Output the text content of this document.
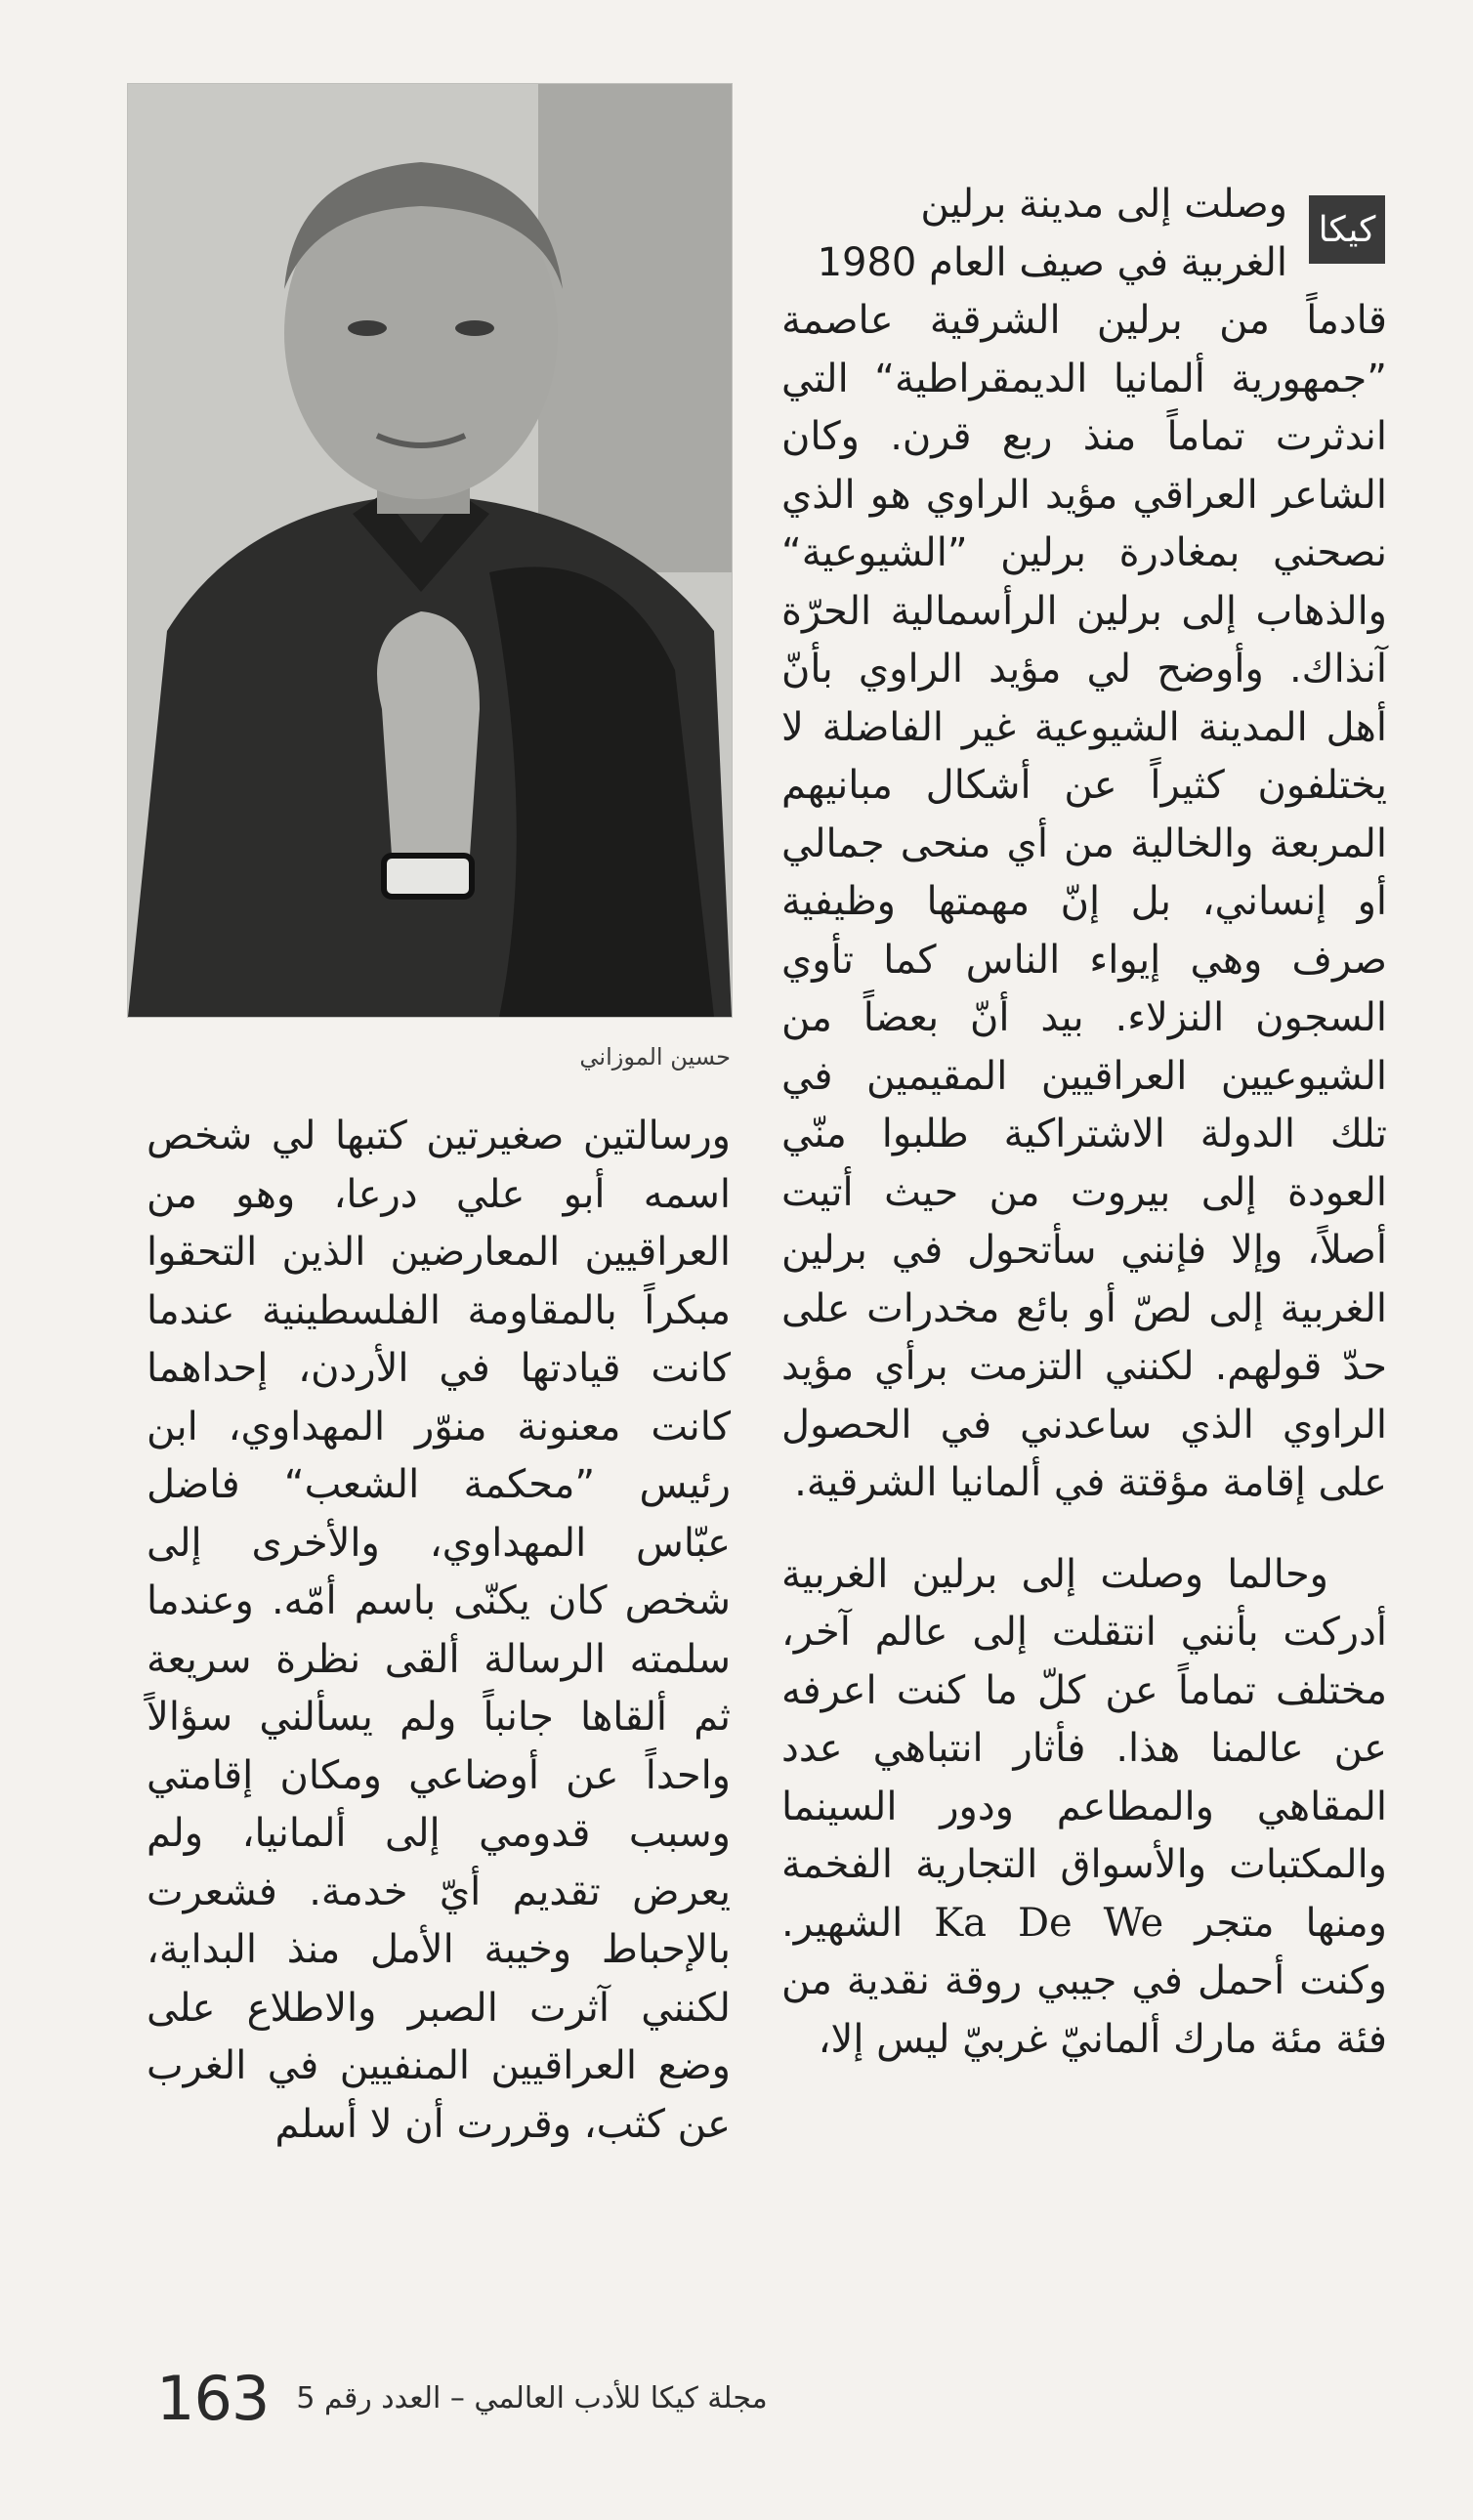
حسين الموزاني
كيكا

وصلت إلى مدينة برلين

الغربية في صيف العام 1980

قادماً من برلين الشرقية عاصمة ”جمهورية ألمانيا الديمقراطية“ التي اندثرت تماماً منذ ربع قرن. وكان الشاعر العراقي مؤيد الراوي هو الذي نصحني بمغادرة برلين ”الشيوعية“ والذهاب إلى برلين الرأسمالية الحرّة آنذاك. وأوضح لي مؤيد الراوي بأنّ أهل المدينة الشيوعية غير الفاضلة لا يختلفون كثيراً عن أشكال مبانيهم المربعة والخالية من أي منحى جمالي أو إنساني، بل إنّ مهمتها وظيفية صرف وهي إيواء الناس كما تأوي السجون النزلاء. بيد أنّ بعضاً من الشيوعيين العراقيين المقيمين في تلك الدولة الاشتراكية طلبوا منّي العودة إلى بيروت من حيث أتيت أصلاً، وإلا فإنني سأتحول في برلين الغربية إلى لصّ أو بائع مخدرات على حدّ قولهم. لكنني التزمت برأي مؤيد الراوي الذي ساعدني في الحصول على إقامة مؤقتة في ألمانيا الشرقية.

وحالما وصلت إلى برلين الغربية أدركت بأنني انتقلت إلى عالم آخر، مختلف تماماً عن كلّ ما كنت اعرفه عن عالمنا هذا. فأثار انتباهي عدد المقاهي والمطاعم ودور السينما والمكتبات والأسواق التجارية الفخمة ومنها متجر Ka De We الشهير. وكنت أحمل في جيبي روقة نقدية من فئة مئة مارك ألمانيّ غربيّ ليس إلا،

ورسالتين صغيرتين كتبها لي شخص اسمه أبو علي درعا، وهو من العراقيين المعارضين الذين التحقوا مبكراً بالمقاومة الفلسطينية عندما كانت قيادتها في الأردن، إحداهما كانت معنونة منوّر المهداوي، ابن رئيس ”محكمة الشعب“ فاضل عبّاس المهداوي، والأخرى إلى شخص كان يكنّى باسم أمّه. وعندما سلمته الرسالة ألقى نظرة سريعة ثم ألقاها جانباً ولم يسألني سؤالاً واحداً عن أوضاعي ومكان إقامتي وسبب قدومي إلى ألمانيا، ولم يعرض تقديم أيّ خدمة. فشعرت بالإحباط وخيبة الأمل منذ البداية، لكنني آثرت الصبر والاطلاع على وضع العراقيين المنفيين في الغرب عن كثب، وقررت أن لا أسلم

163 مجلة كيكا للأدب العالمي – العدد رقم 5
